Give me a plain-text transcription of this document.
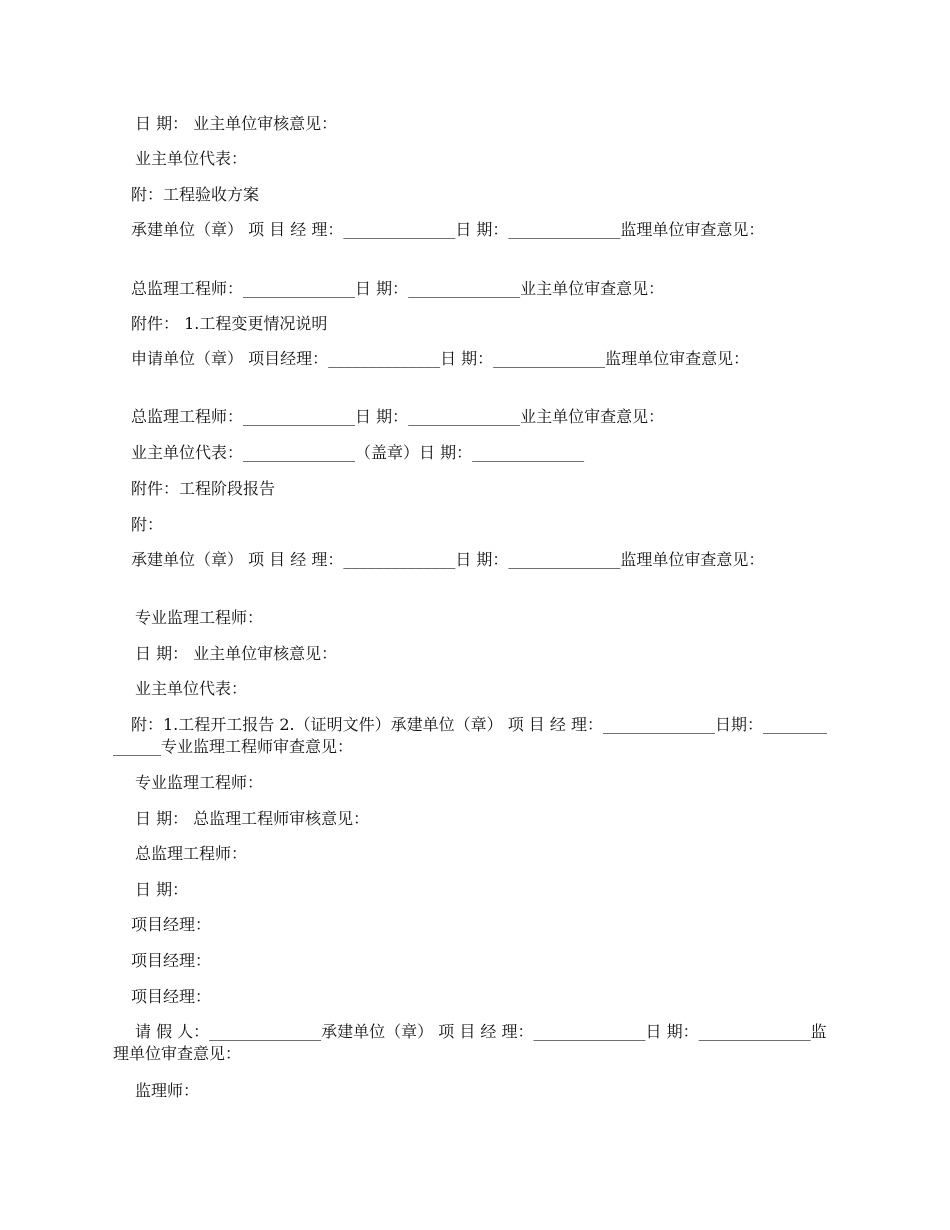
日 期： 业主单位审核意见：

业主单位代表：

附：工程验收方案

承建单位（章） 项 目 经 理：______________日 期：______________监理单位审查意见：

总监理工程师：______________日 期：______________业主单位审查意见：

附件： 1.工程变更情况说明

申请单位（章） 项目经理：______________日 期：______________监理单位审查意见：

总监理工程师：______________日 期：______________业主单位审查意见：

业主单位代表：______________（盖章）日 期：______________

附件：工程阶段报告

附：

承建单位（章） 项 目 经 理：______________日 期：______________监理单位审查意见：

专业监理工程师：

日 期： 业主单位审核意见：

业主单位代表：

附：1.工程开工报告 2.（证明文件）承建单位（章） 项 目 经 理：______________日期：______________专业监理工程师审查意见：

专业监理工程师：

日 期： 总监理工程师审核意见：

总监理工程师：

日 期：

项目经理：

项目经理：

项目经理：

请 假 人：______________承建单位（章） 项 目 经 理：______________日 期：______________监理单位审查意见：

监理师：
